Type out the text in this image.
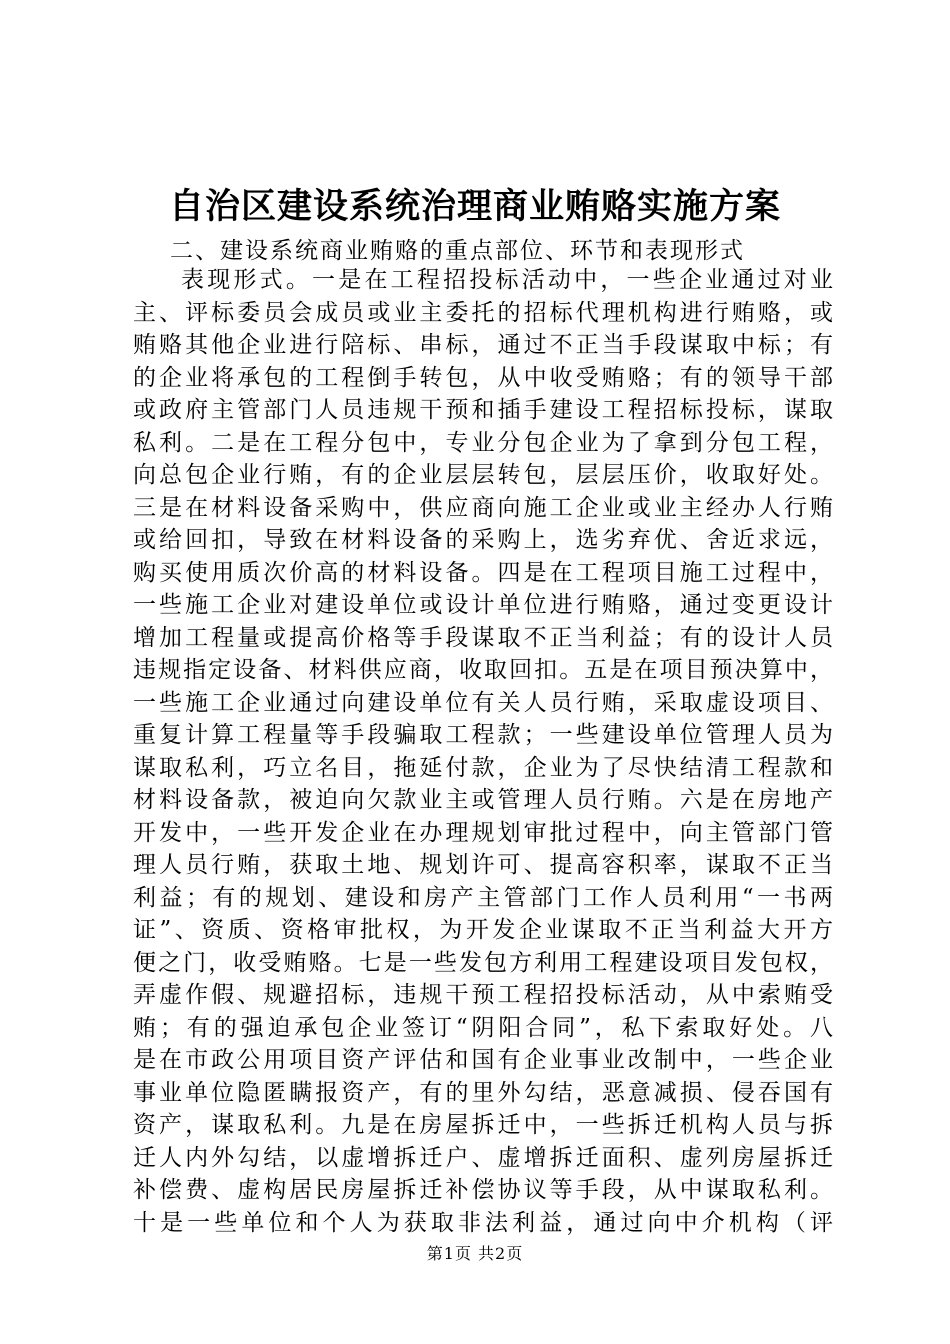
自治区建设系统治理商业贿赂实施方案

二、建设系统商业贿赂的重点部位、环节和表现形式

表现形式。一是在工程招投标活动中，一些企业通过对业
主、评标委员会成员或业主委托的招标代理机构进行贿赂，或
贿赂其他企业进行陪标、串标，通过不正当手段谋取中标；有
的企业将承包的工程倒手转包，从中收受贿赂；有的领导干部
或政府主管部门人员违规干预和插手建设工程招标投标，谋取
私利。二是在工程分包中，专业分包企业为了拿到分包工程，
向总包企业行贿，有的企业层层转包，层层压价，收取好处。
三是在材料设备采购中，供应商向施工企业或业主经办人行贿
或给回扣，导致在材料设备的采购上，选劣弃优、舍近求远，
购买使用质次价高的材料设备。四是在工程项目施工过程中，
一些施工企业对建设单位或设计单位进行贿赂，通过变更设计
增加工程量或提高价格等手段谋取不正当利益；有的设计人员
违规指定设备、材料供应商，收取回扣。五是在项目预决算中，
一些施工企业通过向建设单位有关人员行贿，采取虚设项目、
重复计算工程量等手段骗取工程款；一些建设单位管理人员为
谋取私利，巧立名目，拖延付款，企业为了尽快结清工程款和
材料设备款，被迫向欠款业主或管理人员行贿。六是在房地产
开发中，一些开发企业在办理规划审批过程中，向主管部门管
理人员行贿，获取土地、规划许可、提高容积率，谋取不正当
利益；有的规划、建设和房产主管部门工作人员利用“一书两
证”、资质、资格审批权，为开发企业谋取不正当利益大开方
便之门，收受贿赂。七是一些发包方利用工程建设项目发包权，
弄虚作假、规避招标，违规干预工程招投标活动，从中索贿受
贿；有的强迫承包企业签订“阴阳合同”，私下索取好处。八
是在市政公用项目资产评估和国有企业事业改制中，一些企业
事业单位隐匿瞒报资产，有的里外勾结，恶意减损、侵吞国有
资产，谋取私利。九是在房屋拆迁中，一些拆迁机构人员与拆
迁人内外勾结，以虚增拆迁户、虚增拆迁面积、虚列房屋拆迁
补偿费、虚构居民房屋拆迁补偿协议等手段，从中谋取私利。
十是一些单位和个人为获取非法利益，通过向中介机构（评
第1页 共2页
